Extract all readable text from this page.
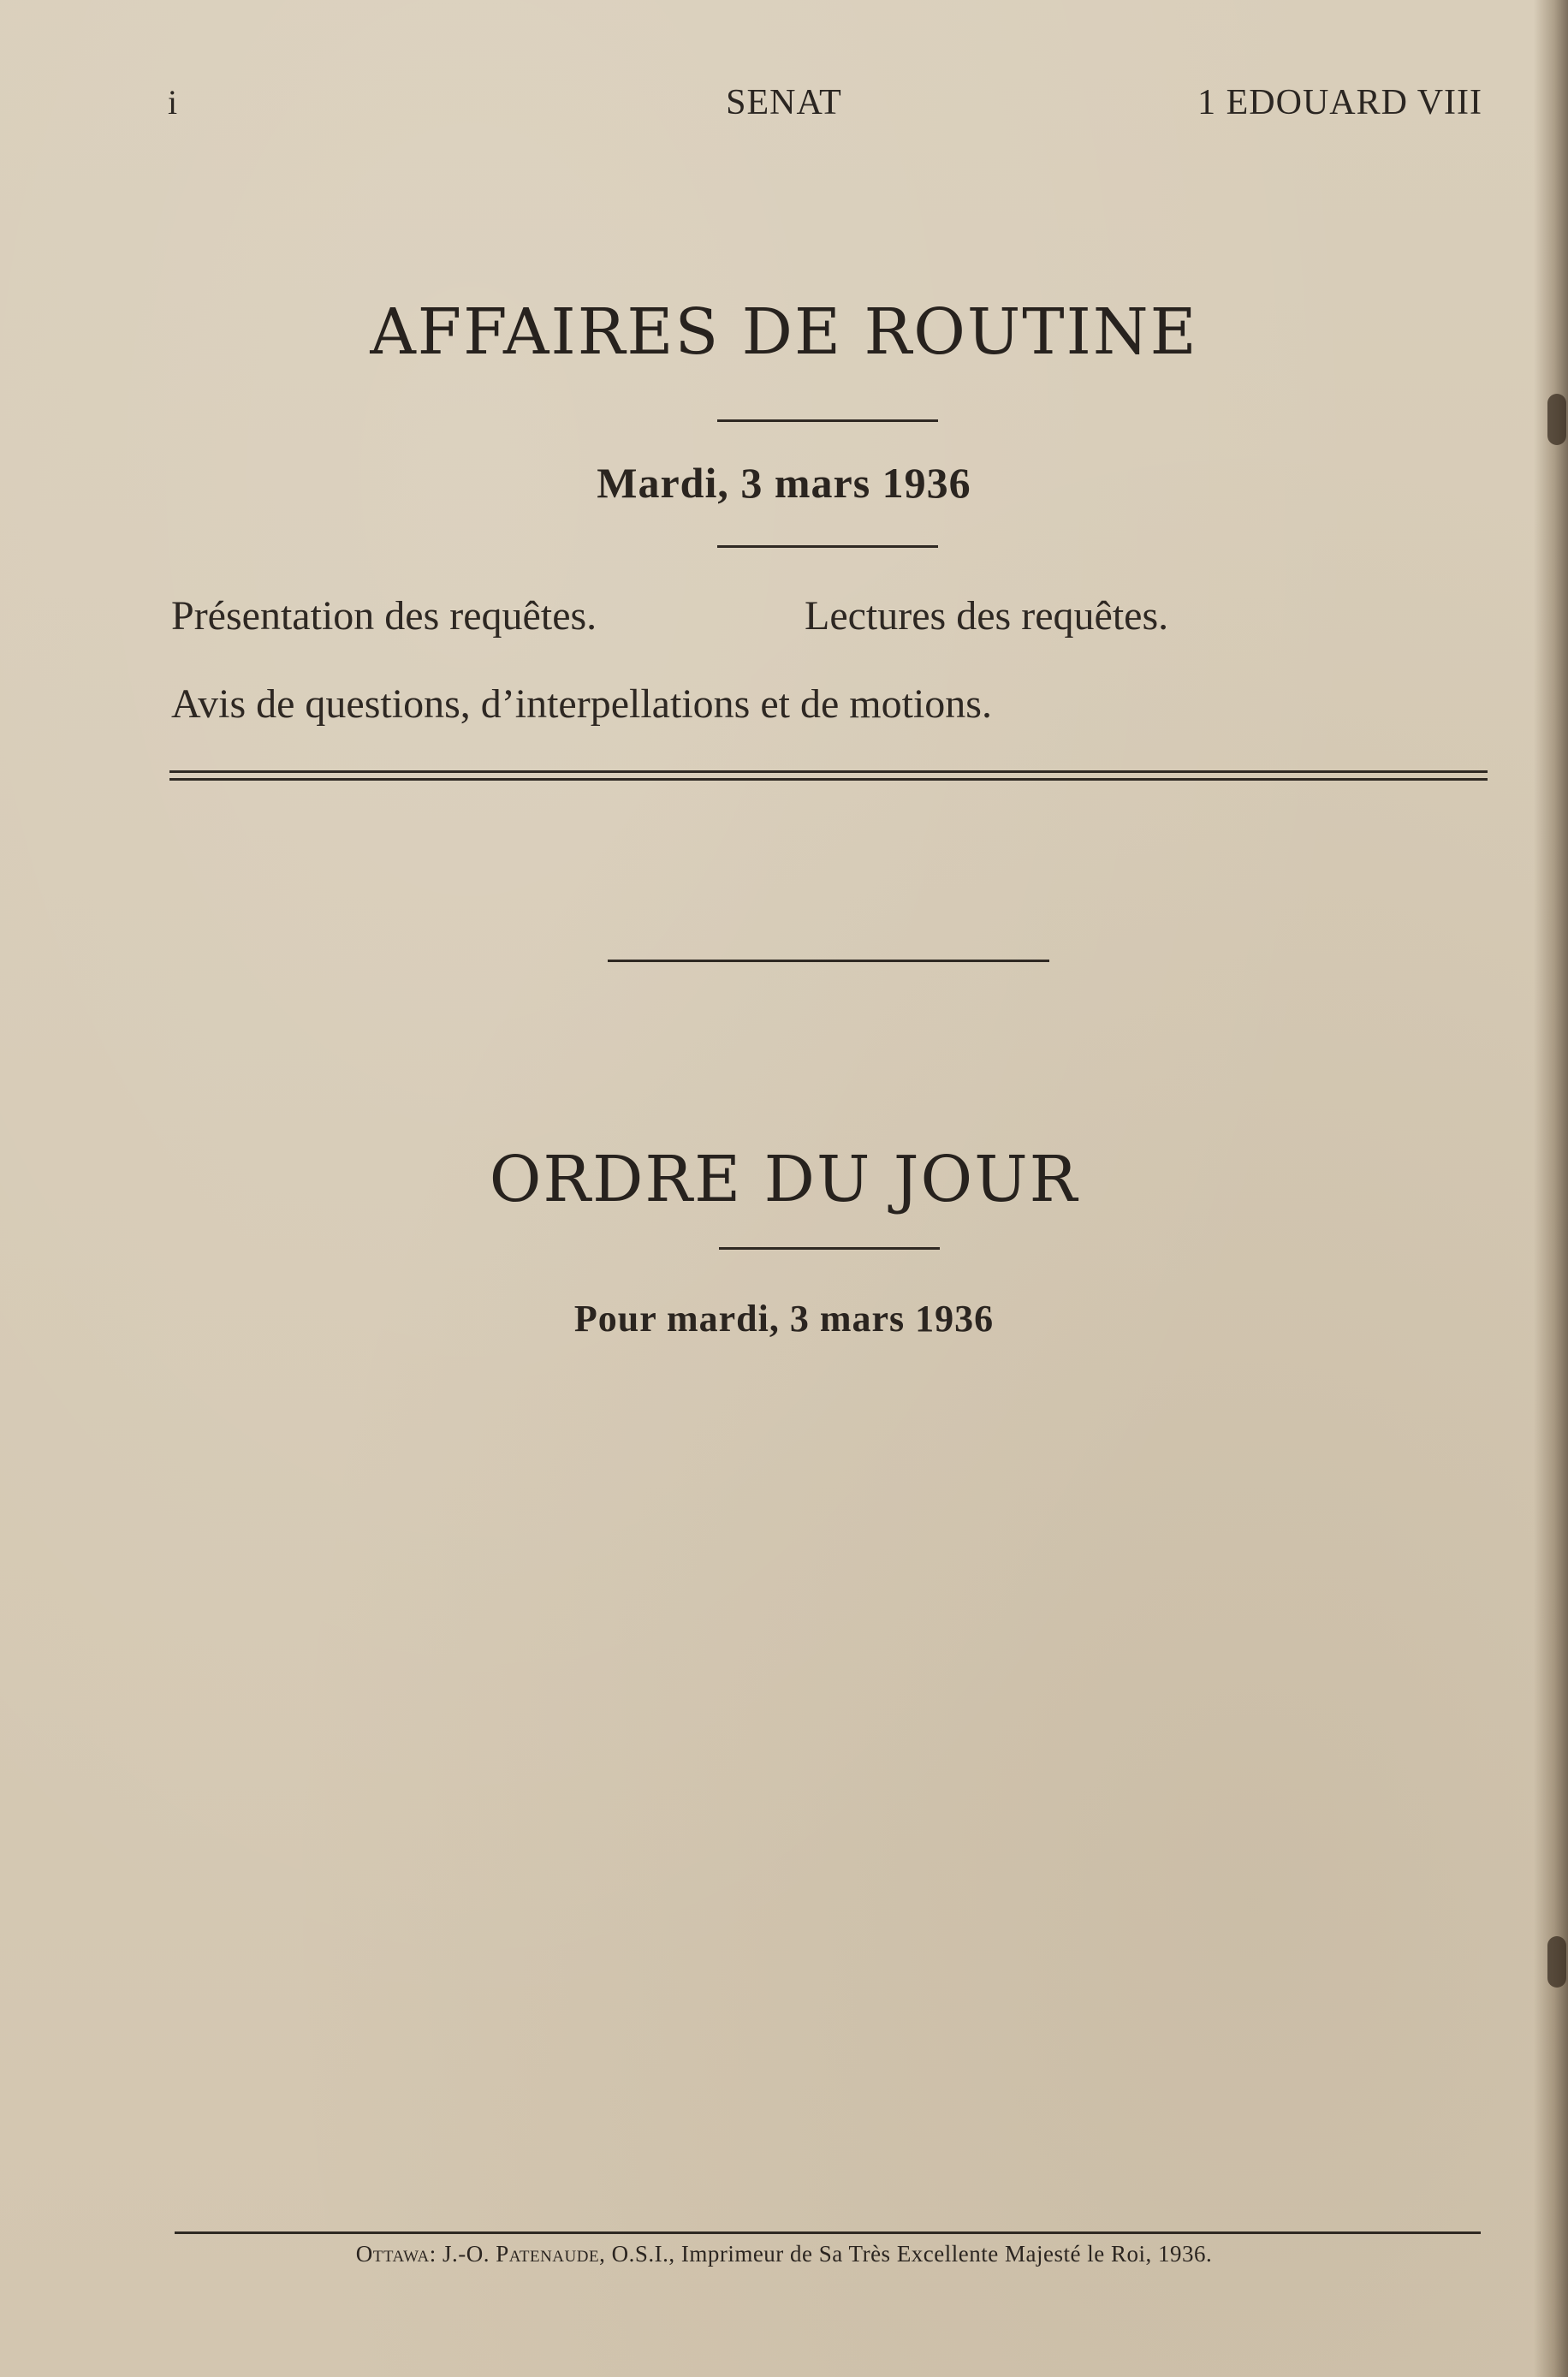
i	SENAT	1 EDOUARD VIII
AFFAIRES DE ROUTINE
Mardi, 3 mars 1936
Présentation des requêtes.	Lectures des requêtes.
Avis de questions, d’interpellations et de motions.
ORDRE DU JOUR
Pour mardi, 3 mars 1936
Ottawa: J.-O. Patenaude, O.S.I., Imprimeur de Sa Très Excellente Majesté le Roi, 1936.
